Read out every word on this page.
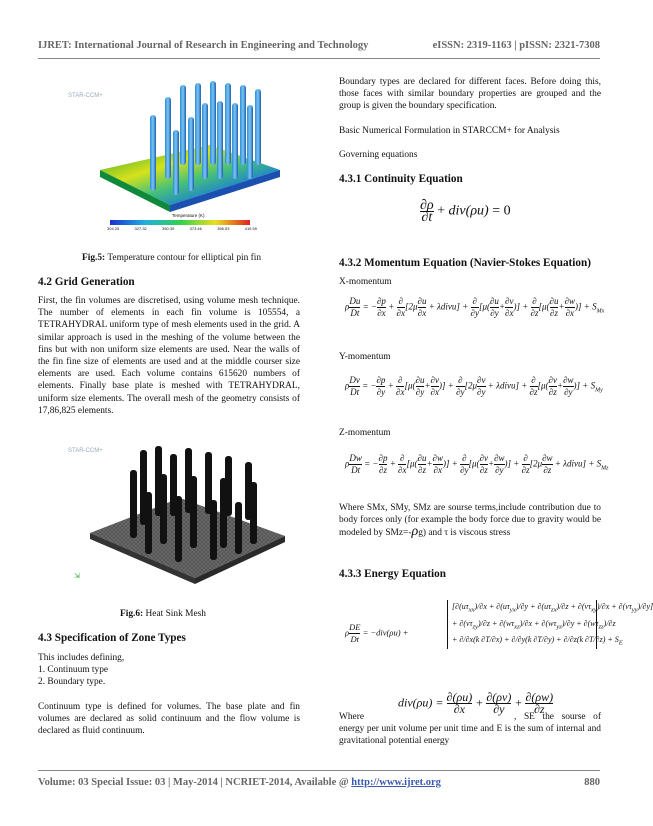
IJRET: International Journal of Research in Engineering and Technology	eISSN: 2319-1163 | pISSN: 2321-7308
STAR-CCM+
Temperature (K)
304.25	327.32	350.39	373.46	396.53	419.59
Fig.5: Temperature contour for elliptical pin fin
4.2 Grid Generation

First, the fin volumes are discretised, using volume mesh technique. The number of elements in each fin volume is 105554, a TETRAHYDRAL uniform type of mesh elements used in the grid. A similar approach is used in the meshing of the volume between the fins but with non uniform size elements are used. Near the walls of the fin fine size of elements are used and at the middle courser size elements are used. Each volume contains 615620 numbers of elements. Finally base plate is meshed with TETRAHYDRAL, uniform size elements. The overall mesh of the geometry consists of 17,86,825 elements.

STAR-CCM+
⇲
Fig.6: Heat Sink Mesh
4.3 Specification of Zone Types

This includes defining,

1. Continuum type

2. Boundary type.

Continuum type is defined for volumes. The base plate and fin volumes are declared as solid continuum and the flow volume is declared as fluid continuum.

Boundary types are declared for different faces. Before doing this, those faces with similar boundary properties are grouped and the group is given the boundary specification.

Basic Numerical Formulation in STARCCM+ for Analysis

Governing equations

4.3.1 Continuity Equation
$\frac{\partial\rho}{\partial t} + div(\rho u) = 0$
4.3.2 Momentum Equation (Navier-Stokes Equation)
X-momentum
ρ $\frac{Du}{Dt}$ = − $\frac{\partial p}{\partial x} + \frac{\partial}{\partial x} [2\mu \frac{\partial u}{\partial x}$ + λdivu] + $\frac{\partial}{\partial y} [\mu( \frac{\partial u}{\partial y} + \frac{\partial v}{\partial x}$ )] + $\frac{\partial}{\partial z} [\mu( \frac{\partial u}{\partial z} + \frac{\partial w}{\partial x}$ )] + $S_{Mx}$
Y-momentum
ρ $\frac{Dv}{Dt}$ = − $\frac{\partial p}{\partial y} + \frac{\partial}{\partial x} [\mu( \frac{\partial u}{\partial y} + \frac{\partial v}{\partial x}$ )] + $\frac{\partial}{\partial y} [2\mu \frac{\partial v}{\partial y}$ + λdivu] + $\frac{\partial}{\partial z} [\mu( \frac{\partial v}{\partial z} + \frac{\partial w}{\partial y}$ )] + $S_{My}$
Z-momentum
ρ $\frac{Dw}{Dt}$ = − $\frac{\partial p}{\partial z} + \frac{\partial}{\partial x} [\mu( \frac{\partial u}{\partial z} + \frac{\partial w}{\partial x}$ )] + $\frac{\partial}{\partial y} [\mu( \frac{\partial v}{\partial z} + \frac{\partial w}{\partial y}$ )] + $\frac{\partial}{\partial z} [2\mu \frac{\partial w}{\partial z}$ + λdivu] + $S_{Mz}$

Where SMx, SMy, SMz are sourse terms,include contribution due to body forces only (for example the body force due to gravity would be modeled by SMz=-ρg) and τ is viscous stress

4.3.3 Energy Equation
ρ $\frac{DE}{Dt} = -div(\rho u)$ +
$[\partial(u\tau_{xx})/\partial x + \partial(u\tau_{yx})/\partial y + \partial(u\tau_{zx})/\partial z + \partial(v\tau_{xy})/\partial x + \partial(v\tau_{yy})/\partial y]$
+ $\partial(v\tau_{zy})/\partial z + \partial(w\tau_{xz})/\partial x + \partial(w\tau_{yz})/\partial y + \partial(w\tau_{zz})/\partial z$
+ ∂/∂x(k ∂T/∂x) + ∂/∂y(k ∂T/∂y) + ∂/∂z(k $\partial T/\partial z) + S_E$
$div(\rho u) = \frac{\partial(\rho u)}{\partial x} + \frac{\partial(\rho v)}{\partial y} + \frac{\partial(\rho w)}{\partial z}$

Where	, SE the sourse of energy per unit volume per unit time and E is the sum of internal and gravitational potential energy

Volume: 03 Special Issue: 03 | May-2014 | NCRIET-2014, Available @ http://www.ijret.org	880
